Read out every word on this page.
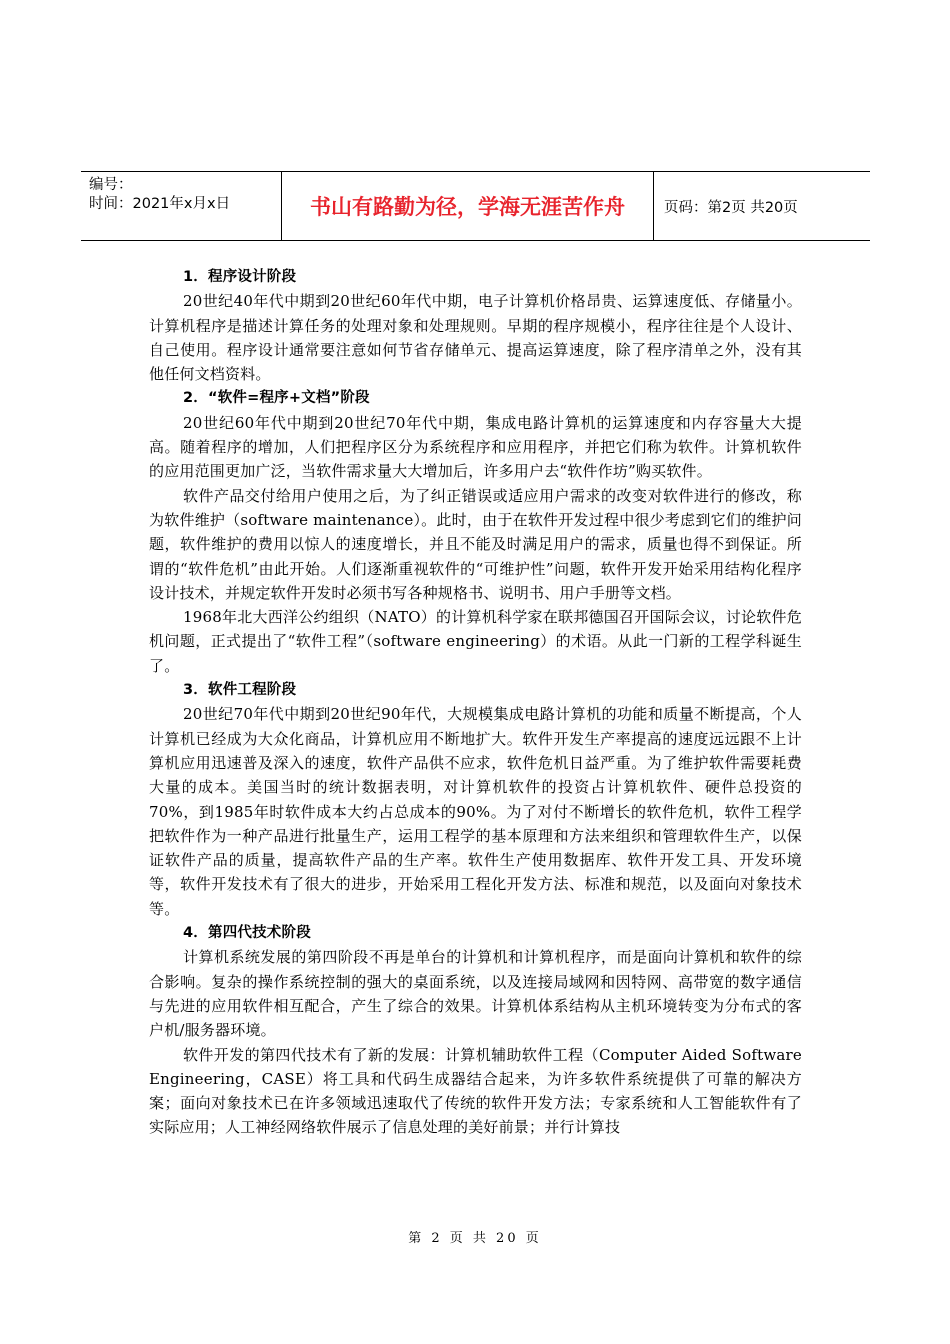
编号：
时间：2021年x月x日	书山有路勤为径，学海无涯苦作舟	页码：第2页 共20页

1．程序设计阶段

20世纪40年代中期到20世纪60年代中期，电子计算机价格昂贵、运算速度低、存储量小。计算机程序是描述计算任务的处理对象和处理规则。早期的程序规模小，程序往往是个人设计、自己使用。程序设计通常要注意如何节省存储单元、提高运算速度，除了程序清单之外，没有其他任何文档资料。

2．“软件=程序+文档”阶段

20世纪60年代中期到20世纪70年代中期，集成电路计算机的运算速度和内存容量大大提高。随着程序的增加，人们把程序区分为系统程序和应用程序，并把它们称为软件。计算机软件的应用范围更加广泛，当软件需求量大大增加后，许多用户去“软件作坊”购买软件。

软件产品交付给用户使用之后，为了纠正错误或适应用户需求的改变对软件进行的修改，称为软件维护（software maintenance）。此时，由于在软件开发过程中很少考虑到它们的维护问题，软件维护的费用以惊人的速度增长，并且不能及时满足用户的需求，质量也得不到保证。所谓的“软件危机”由此开始。人们逐渐重视软件的“可维护性”问题，软件开发开始采用结构化程序设计技术，并规定软件开发时必须书写各种规格书、说明书、用户手册等文档。

1968年北大西洋公约组织（NATO）的计算机科学家在联邦德国召开国际会议，讨论软件危机问题，正式提出了“软件工程”（software engineering）的术语。从此一门新的工程学科诞生了。

3．软件工程阶段

20世纪70年代中期到20世纪90年代，大规模集成电路计算机的功能和质量不断提高，个人计算机已经成为大众化商品，计算机应用不断地扩大。软件开发生产率提高的速度远远跟不上计算机应用迅速普及深入的速度，软件产品供不应求，软件危机日益严重。为了维护软件需要耗费大量的成本。美国当时的统计数据表明，对计算机软件的投资占计算机软件、硬件总投资的70%，到1985年时软件成本大约占总成本的90%。为了对付不断增长的软件危机，软件工程学把软件作为一种产品进行批量生产，运用工程学的基本原理和方法来组织和管理软件生产，以保证软件产品的质量，提高软件产品的生产率。软件生产使用数据库、软件开发工具、开发环境等，软件开发技术有了很大的进步，开始采用工程化开发方法、标准和规范，以及面向对象技术等。

4．第四代技术阶段

计算机系统发展的第四阶段不再是单台的计算机和计算机程序，而是面向计算机和软件的综合影响。复杂的操作系统控制的强大的桌面系统，以及连接局域网和因特网、高带宽的数字通信与先进的应用软件相互配合，产生了综合的效果。计算机体系结构从主机环境转变为分布式的客户机/服务器环境。

软件开发的第四代技术有了新的发展：计算机辅助软件工程（Computer Aided Software Engineering，CASE）将工具和代码生成器结合起来，为许多软件系统提供了可靠的解决方案；面向对象技术已在许多领域迅速取代了传统的软件开发方法；专家系统和人工智能软件有了实际应用；人工神经网络软件展示了信息处理的美好前景；并行计算技

第 2 页 共 20 页
